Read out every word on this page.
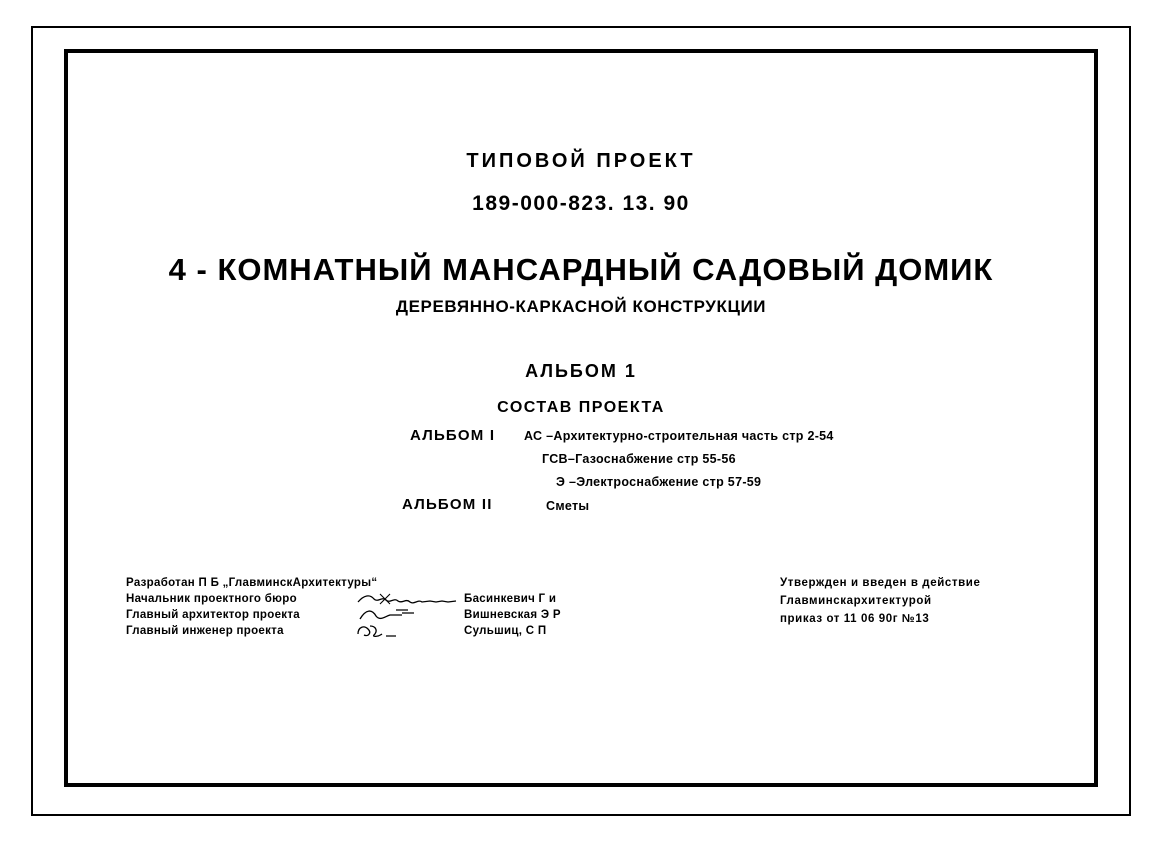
ТИПОВОЙ ПРОЕКТ
189-000-823. 13. 90
4 - КОМНАТНЫЙ МАНСАРДНЫЙ САДОВЫЙ ДОМИК
ДЕРЕВЯННО-КАРКАСНОЙ КОНСТРУКЦИИ
АЛЬБОМ 1
СОСТАВ ПРОЕКТА
АЛЬБОМ I АС –Архитектурно-строительная часть стр 2-54
ГСВ–Газоснабжение стр 55-56
Э –Электроснабжение стр 57-59
АЛЬБОМ II	Сметы
Разработан П Б „ГлавминскАрхитектуры“
Начальник проектного бюро	Басинкевич Г и
Главный архитектор проекта	Вишневская Э Р
Главный инженер проекта	Сульшиц, С П
Утвержден и введен в действие
Главминскархитектурой
приказ от 11 06 90г №13
